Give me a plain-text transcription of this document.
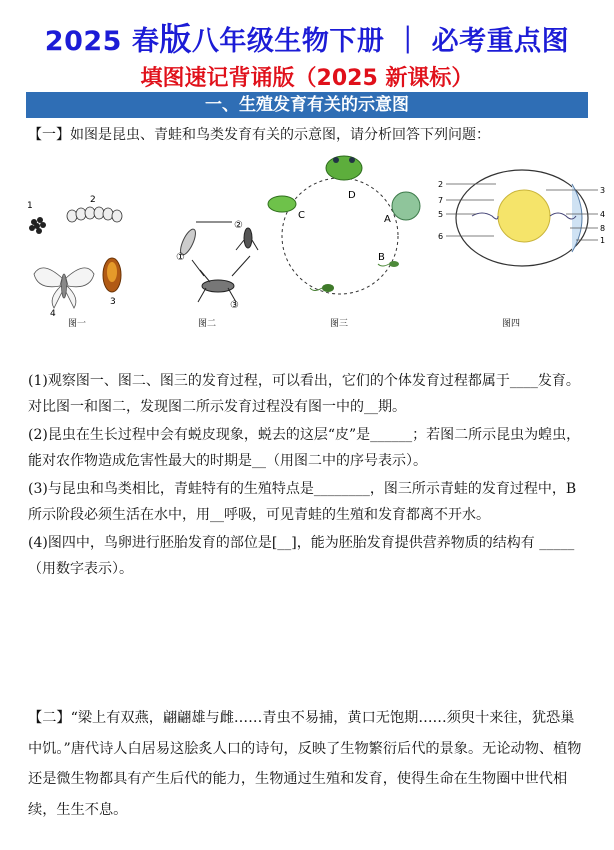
2025 春版八年级生物下册 ｜ 必考重点图
填图速记背诵版（2025 新课标）
一、生殖发育有关的示意图
【一】如图是昆虫、青蛙和鸟类发育有关的示意图，请分析回答下列问题：
1
2
3
4
图一
①
②
③
图二
D
A
B
C
图三
2
7
5
6
3
4
8
1
图四

(1)观察图一、图二、图三的发育过程，可以看出，它们的个体发育过程都属于____发育。对比图一和图二，发现图二所示发育过程没有图一中的__期。

(2)昆虫在生长过程中会有蜕皮现象，蜕去的这层“皮”是______；若图二所示昆虫为蝗虫，能对农作物造成危害性最大的时期是__（用图二中的序号表示）。

(3)与昆虫和鸟类相比，青蛙特有的生殖特点是________，图三所示青蛙的发育过程中，B 所示阶段必须生活在水中，用__呼吸，可见青蛙的生殖和发育都离不开水。

(4)图四中，鸟卵进行胚胎发育的部位是[__]，能为胚胎发育提供营养物质的结构有 _____（用数字表示）。

【二】“梁上有双燕，翩翩雄与雌……青虫不易捕，黄口无饱期……须臾十来往，犹恐巢中饥。”唐代诗人白居易这脍炙人口的诗句，反映了生物繁衍后代的景象。无论动物、植物还是微生物都具有产生后代的能力，生物通过生殖和发育，使得生命在生物圈中世代相续，生生不息。
